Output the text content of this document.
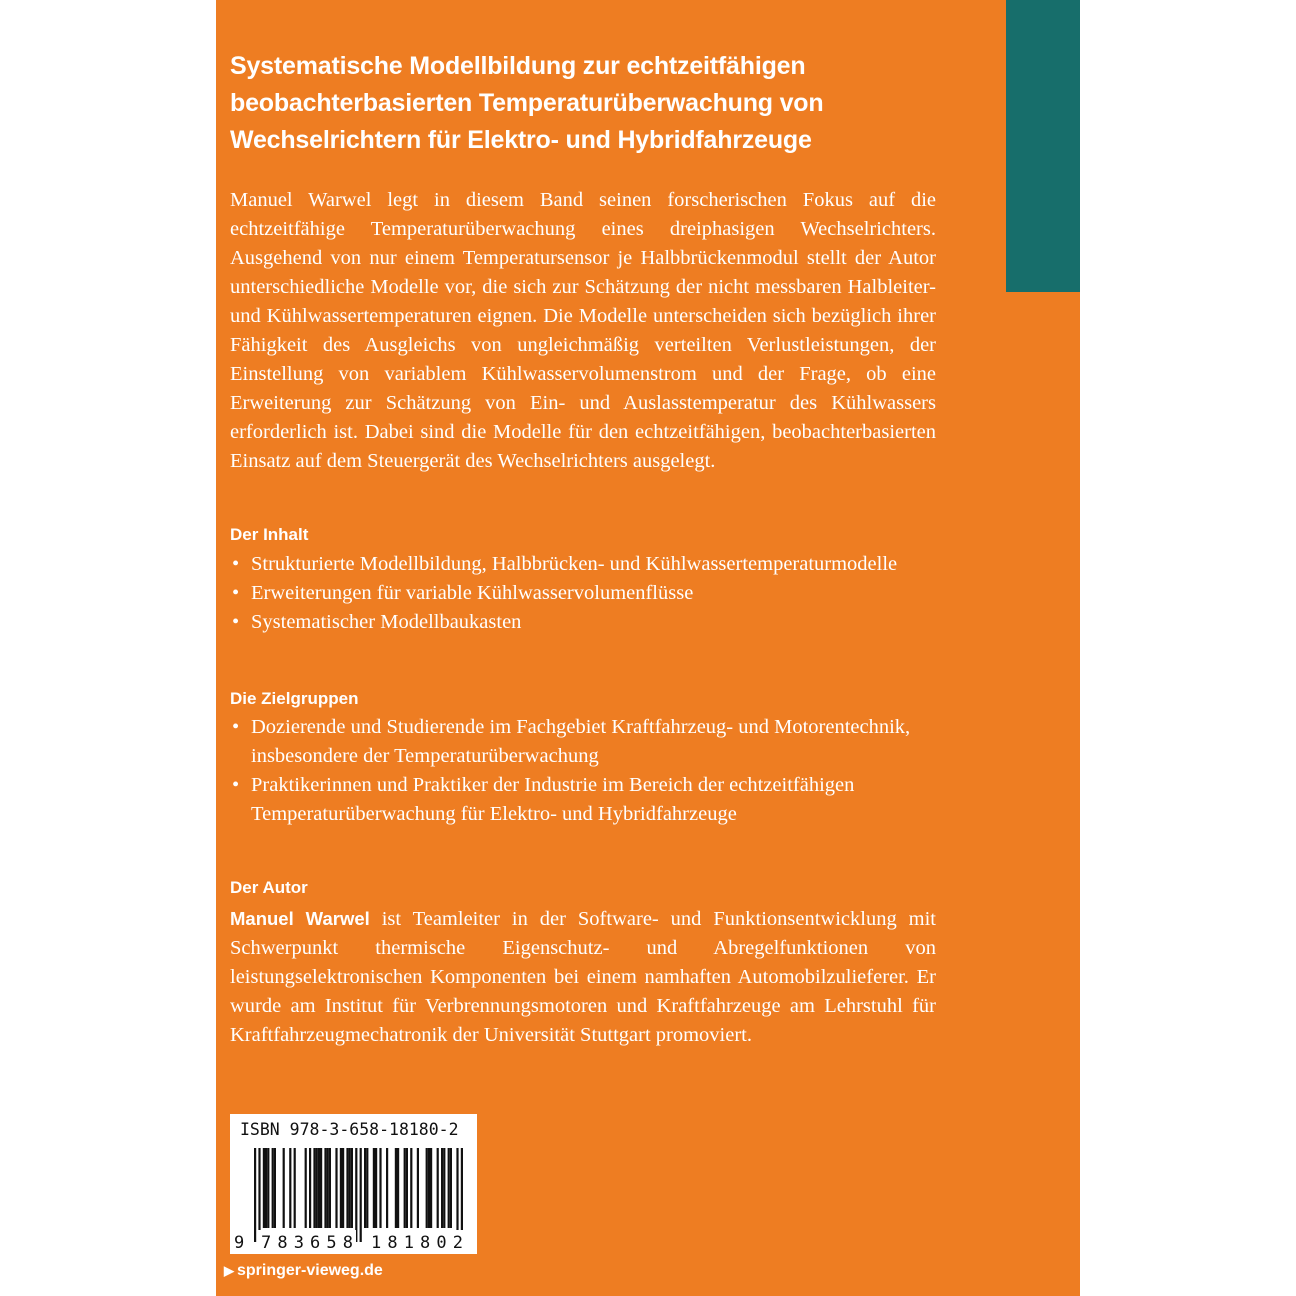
Systematische Modellbildung zur echtzeitfähigen
beobachterbasierten Temperaturüberwachung von
Wechselrichtern für Elektro- und Hybridfahrzeuge

Manuel Warwel legt in diesem Band seinen forscherischen Fokus auf die echtzeitfähige Temperaturüberwachung eines dreiphasigen Wechselrichters. Ausgehend von nur einem Temperatursensor je Halbbrückenmodul stellt der Autor unterschiedliche Modelle vor, die sich zur Schätzung der nicht messbaren Halbleiter- und Kühlwassertemperaturen eignen. Die Modelle unterscheiden sich bezüglich ihrer Fähigkeit des Ausgleichs von ungleichmäßig verteilten Verlustleistungen, der Einstellung von variablem Kühlwasservolumenstrom und der Frage, ob eine Erweiterung zur Schätzung von Ein- und Auslasstemperatur des Kühlwassers erforderlich ist. Dabei sind die Modelle für den echtzeitfähigen, beobachterbasierten Einsatz auf dem Steuergerät des Wechselrichters ausgelegt.

Der Inhalt
• Strukturierte Modellbildung, Halbbrücken- und Kühlwassertemperaturmodelle
• Erweiterungen für variable Kühlwasservolumenflüsse
• Systematischer Modellbaukasten
Die Zielgruppen
• Dozierende und Studierende im Fachgebiet Kraftfahrzeug- und Motorentechnik, insbesondere der Temperaturüberwachung
• Praktikerinnen und Praktiker der Industrie im Bereich der echtzeitfähigen Temperaturüberwachung für Elektro- und Hybridfahrzeuge
Der Autor

Manuel Warwel ist Teamleiter in der Software- und Funktionsentwicklung mit Schwerpunkt thermische Eigenschutz- und Abregelfunktionen von leistungselektronischen Komponenten bei einem namhaften Automobilzulieferer. Er wurde am Institut für Verbrennungsmotoren und Kraftfahrzeuge am Lehrstuhl für Kraftfahrzeugmechatronik der Universität Stuttgart promoviert.

ISBN 978-3-658-18180-2
9 783658 181802

▶ springer-vieweg.de
